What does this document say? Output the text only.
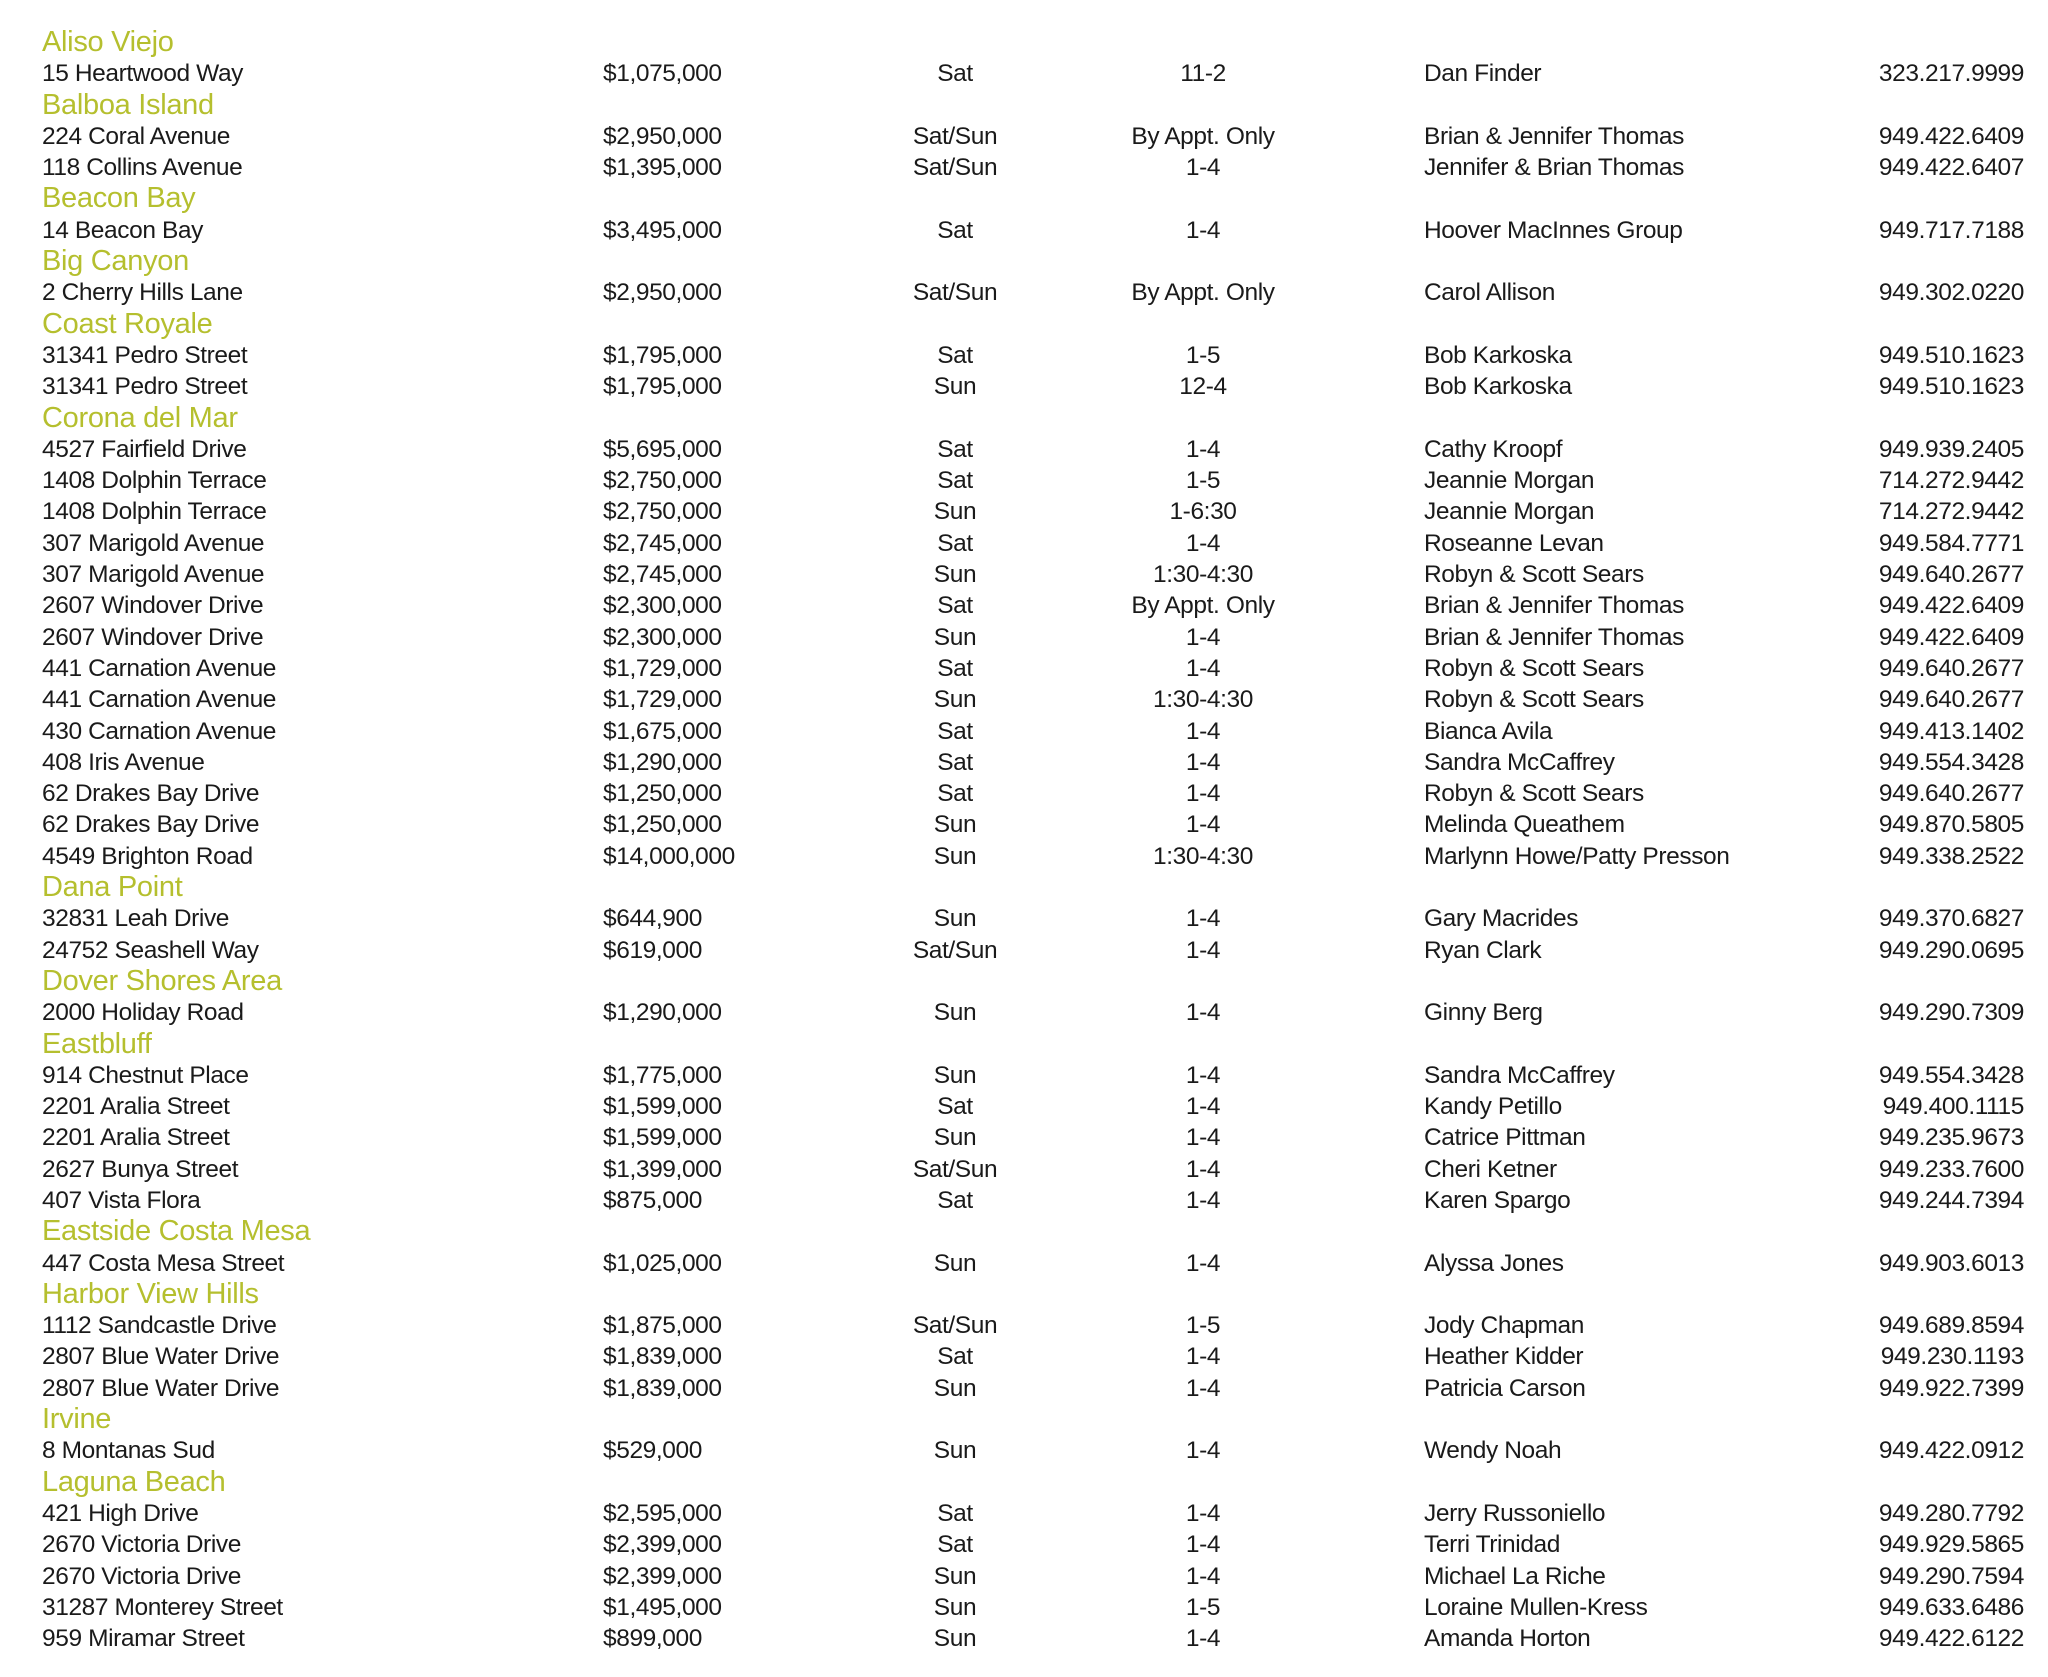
Aliso Viejo
15 Heartwood Way	$1,075,000	Sat	11-2	Dan Finder	323.217.9999
Balboa Island
224 Coral Avenue	$2,950,000	Sat/Sun	By Appt. Only	Brian & Jennifer Thomas	949.422.6409
118 Collins Avenue	$1,395,000	Sat/Sun	1-4	Jennifer & Brian Thomas	949.422.6407
Beacon Bay
14 Beacon Bay	$3,495,000	Sat	1-4	Hoover MacInnes Group	949.717.7188
Big Canyon
2 Cherry Hills Lane	$2,950,000	Sat/Sun	By Appt. Only	Carol Allison	949.302.0220
Coast Royale
31341 Pedro Street	$1,795,000	Sat	1-5	Bob Karkoska	949.510.1623
31341 Pedro Street	$1,795,000	Sun	12-4	Bob Karkoska	949.510.1623
Corona del Mar
4527 Fairfield Drive	$5,695,000	Sat	1-4	Cathy Kroopf	949.939.2405
1408 Dolphin Terrace	$2,750,000	Sat	1-5	Jeannie Morgan	714.272.9442
1408 Dolphin Terrace	$2,750,000	Sun	1-6:30	Jeannie Morgan	714.272.9442
307 Marigold Avenue	$2,745,000	Sat	1-4	Roseanne Levan	949.584.7771
307 Marigold Avenue	$2,745,000	Sun	1:30-4:30	Robyn & Scott Sears	949.640.2677
2607 Windover Drive	$2,300,000	Sat	By Appt. Only	Brian & Jennifer Thomas	949.422.6409
2607 Windover Drive	$2,300,000	Sun	1-4	Brian & Jennifer Thomas	949.422.6409
441 Carnation Avenue	$1,729,000	Sat	1-4	Robyn & Scott Sears	949.640.2677
441 Carnation Avenue	$1,729,000	Sun	1:30-4:30	Robyn & Scott Sears	949.640.2677
430 Carnation Avenue	$1,675,000	Sat	1-4	Bianca Avila	949.413.1402
408 Iris Avenue	$1,290,000	Sat	1-4	Sandra McCaffrey	949.554.3428
62 Drakes Bay Drive	$1,250,000	Sat	1-4	Robyn & Scott Sears	949.640.2677
62 Drakes Bay Drive	$1,250,000	Sun	1-4	Melinda Queathem	949.870.5805
4549 Brighton Road	$14,000,000	Sun	1:30-4:30	Marlynn Howe/Patty Presson	949.338.2522
Dana Point
32831 Leah Drive	$644,900	Sun	1-4	Gary Macrides	949.370.6827
24752 Seashell Way	$619,000	Sat/Sun	1-4	Ryan Clark	949.290.0695
Dover Shores Area
2000 Holiday Road	$1,290,000	Sun	1-4	Ginny Berg	949.290.7309
Eastbluff
914 Chestnut Place	$1,775,000	Sun	1-4	Sandra McCaffrey	949.554.3428
2201 Aralia Street	$1,599,000	Sat	1-4	Kandy Petillo	949.400.1115
2201 Aralia Street	$1,599,000	Sun	1-4	Catrice Pittman	949.235.9673
2627 Bunya Street	$1,399,000	Sat/Sun	1-4	Cheri Ketner	949.233.7600
407 Vista Flora	$875,000	Sat	1-4	Karen Spargo	949.244.7394
Eastside Costa Mesa
447 Costa Mesa Street	$1,025,000	Sun	1-4	Alyssa Jones	949.903.6013
Harbor View Hills
1112 Sandcastle Drive	$1,875,000	Sat/Sun	1-5	Jody Chapman	949.689.8594
2807 Blue Water Drive	$1,839,000	Sat	1-4	Heather Kidder	949.230.1193
2807 Blue Water Drive	$1,839,000	Sun	1-4	Patricia Carson	949.922.7399
Irvine
8 Montanas Sud	$529,000	Sun	1-4	Wendy Noah	949.422.0912
Laguna Beach
421 High Drive	$2,595,000	Sat	1-4	Jerry Russoniello	949.280.7792
2670 Victoria Drive	$2,399,000	Sat	1-4	Terri Trinidad	949.929.5865
2670 Victoria Drive	$2,399,000	Sun	1-4	Michael La Riche	949.290.7594
31287 Monterey Street	$1,495,000	Sun	1-5	Loraine Mullen-Kress	949.633.6486
959 Miramar Street	$899,000	Sun	1-4	Amanda Horton	949.422.6122
